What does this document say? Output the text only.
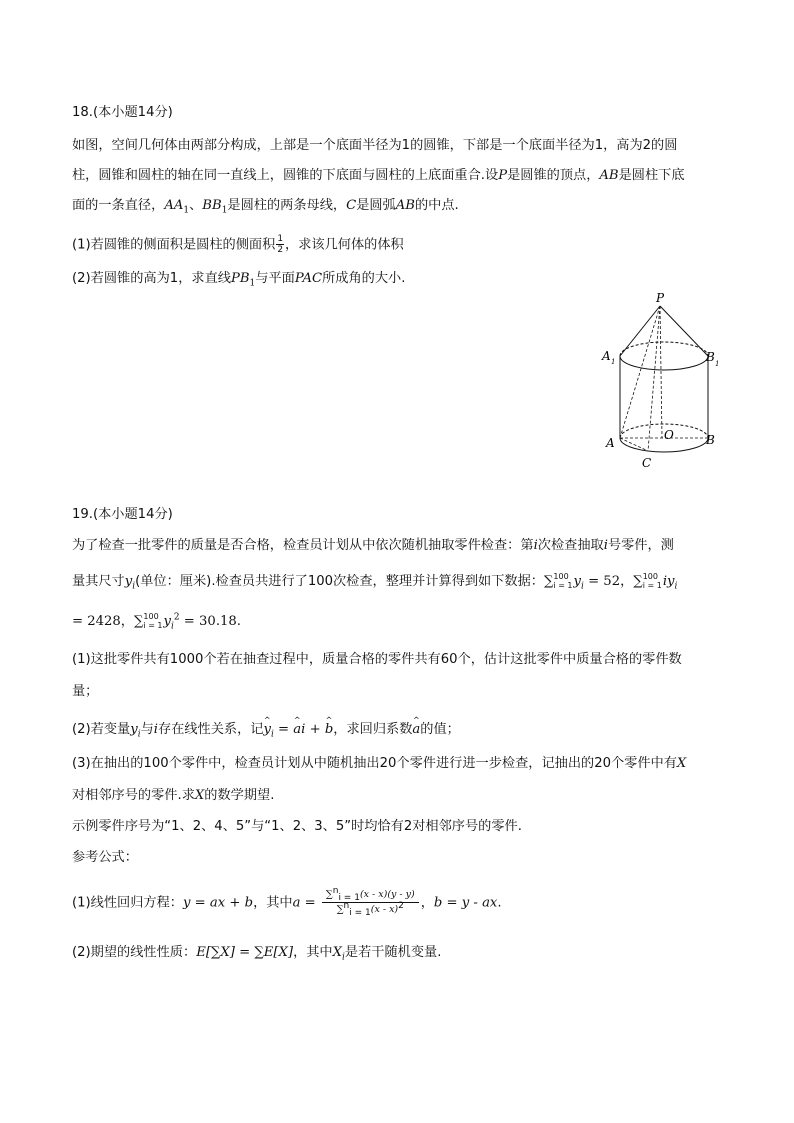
18.(本小题14分)
如图，空间几何体由两部分构成，上部是一个底面半径为1的圆锥，下部是一个底面半径为1，高为2的圆
柱，圆锥和圆柱的轴在同一直线上，圆锥的下底面与圆柱的上底面重合.设P是圆锥的顶点，AB是圆柱下底
面的一条直径，$AA_1$、$BB_1$是圆柱的两条母线，C是圆弧AB的中点.
(1)若圆锥的侧面积是圆柱的侧面积 $\frac{1}{2}$ ，求该几何体的体积
(2)若圆锥的高为1，求直线$PB_1$与平面PAC所成角的大小.
P
A 1	B 1
A	B
O
C
19.(本小题14分)
为了检查一批零件的质量是否合格，检查员计划从中依次随机抽取零件检查：第i次检查抽取i号零件，测
量其尺寸$y_i$(单位：厘米).检查员共进行了100次检查，整理并计算得到如下数据：∑ 100
i = 1 $y_i = 52$，∑ 100
i = 1 $iy_i$
= 2428，∑ 100
i = 1 $y_i^2 = 30.18$.
(1)这批零件共有1000个若在抽查过程中，质量合格的零件共有60个，估计这批零件中质量合格的零件数
量；
(2)若变量$y_i$与i存在线性关系，记^ $y_i$ = ^ ai + ^ b，求回归系数^ a的值；
(3)在抽出的100个零件中，检查员计划从中随机抽出20个零件进行进一步检查，记抽出的20个零件中有X
对相邻序号的零件.求X的数学期望.
示例零件序号为“1、2、4、5”与“1、2、3、5”时均恰有2对相邻序号的零件.
参考公式：
(1)线性回归方程：y = ax + b，其中$a = \frac{\sum^n_{i = 1}(x - x)(y - y)}{\sum^n_{i = 1}(x - x)^2}$ ，b = y - ax.
(2)期望的线性性质：E[∑X] = ∑E[X]，其中$X_i$是若干随机变量.
